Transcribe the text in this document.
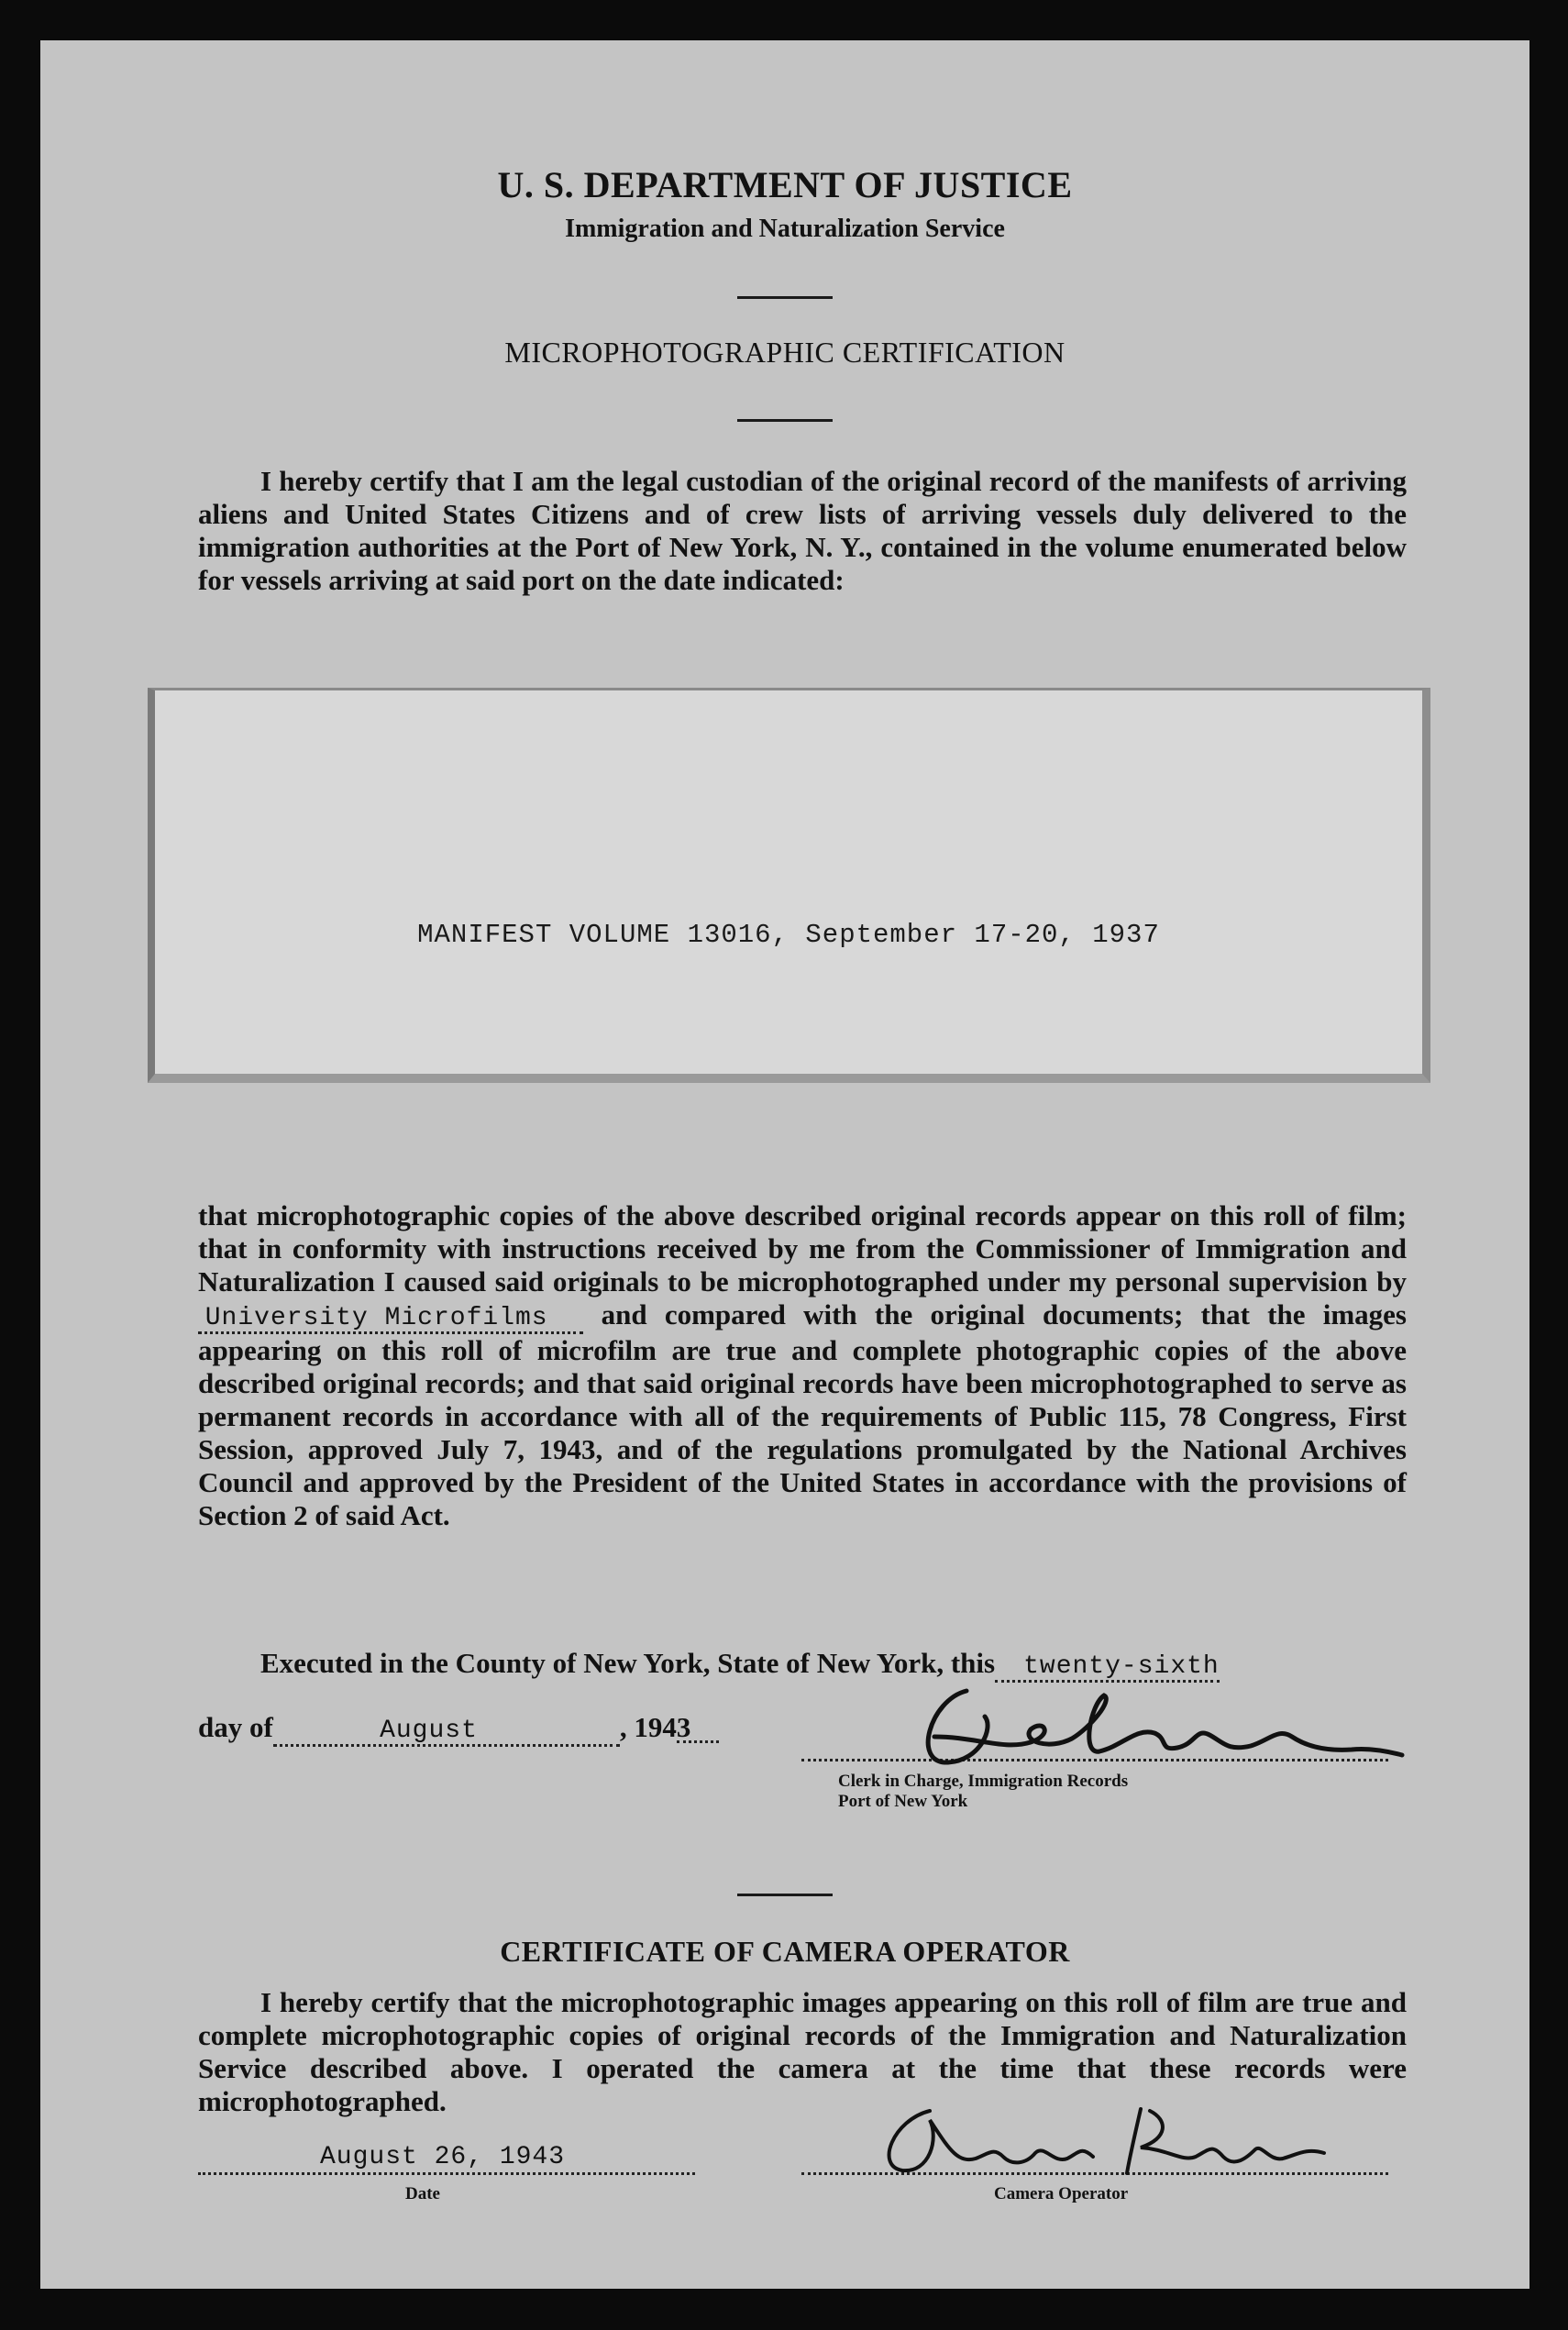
U. S. DEPARTMENT OF JUSTICE
Immigration and Naturalization Service
MICROPHOTOGRAPHIC CERTIFICATION
I hereby certify that I am the legal custodian of the original record of the manifests of arriving aliens and United States Citizens and of crew lists of arriving vessels duly delivered to the immigration authorities at the Port of New York, N. Y., contained in the volume enumerated below for vessels arriving at said port on the date indicated:
MANIFEST VOLUME 13016, September 17-20, 1937
that microphotographic copies of the above described original records appear on this roll of film; that in conformity with instructions received by me from the Commissioner of Immigration and Naturalization I caused said originals to be microphotographed under my personal supervision by  University Microfilms and compared with the original documents; that the images appearing on this roll of microfilm are true and complete photographic copies of the above described original records; and that said original records have been microphotographed to serve as permanent records in accordance with all of the requirements of Public 115, 78 Congress, First Session, approved July 7, 1943, and of the regulations promulgated by the National Archives Council and approved by the President of the United States in accordance with the provisions of Section 2 of said Act.
Executed in the County of New York, State of New York, this twenty-sixth
day of	August	, 1943
Clerk in Charge, Immigration Records
Port of New York
CERTIFICATE OF CAMERA OPERATOR
I hereby certify that the microphotographic images appearing on this roll of film are true and complete microphotographic copies of original records of the Immigration and Naturalization Service described above. I operated the camera at the time that these records were microphotographed.
August 26, 1943
Date	Camera Operator
